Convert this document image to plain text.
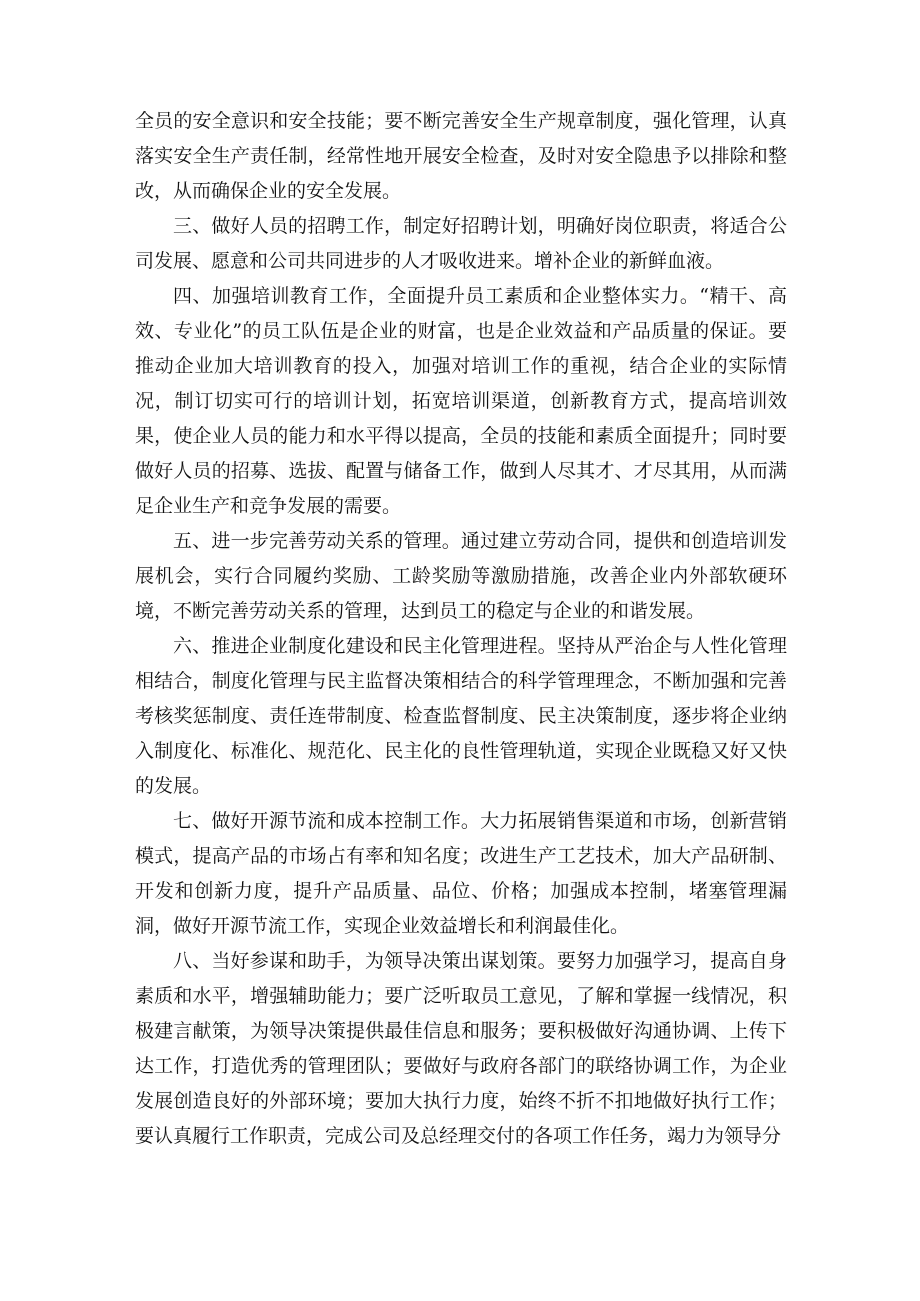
全员的安全意识和安全技能；要不断完善安全生产规章制度，强化管理，认真落实安全生产责任制，经常性地开展安全检查，及时对安全隐患予以排除和整改，从而确保企业的安全发展。

三、做好人员的招聘工作，制定好招聘计划，明确好岗位职责，将适合公司发展、愿意和公司共同进步的人才吸收进来。增补企业的新鲜血液。

四、加强培训教育工作，全面提升员工素质和企业整体实力。“精干、高效、专业化”的员工队伍是企业的财富，也是企业效益和产品质量的保证。要推动企业加大培训教育的投入，加强对培训工作的重视，结合企业的实际情况，制订切实可行的培训计划，拓宽培训渠道，创新教育方式，提高培训效果，使企业人员的能力和水平得以提高，全员的技能和素质全面提升；同时要做好人员的招募、选拔、配置与储备工作，做到人尽其才、才尽其用，从而满足企业生产和竞争发展的需要。

五、进一步完善劳动关系的管理。通过建立劳动合同，提供和创造培训发展机会，实行合同履约奖励、工龄奖励等激励措施，改善企业内外部软硬环境，不断完善劳动关系的管理，达到员工的稳定与企业的和谐发展。

六、推进企业制度化建设和民主化管理进程。坚持从严治企与人性化管理相结合，制度化管理与民主监督决策相结合的科学管理理念，不断加强和完善考核奖惩制度、责任连带制度、检查监督制度、民主决策制度，逐步将企业纳入制度化、标准化、规范化、民主化的良性管理轨道，实现企业既稳又好又快的发展。

七、做好开源节流和成本控制工作。大力拓展销售渠道和市场，创新营销模式，提高产品的市场占有率和知名度；改进生产工艺技术，加大产品研制、开发和创新力度，提升产品质量、品位、价格；加强成本控制，堵塞管理漏洞，做好开源节流工作，实现企业效益增长和利润最佳化。

八、当好参谋和助手，为领导决策出谋划策。要努力加强学习，提高自身素质和水平，增强辅助能力；要广泛听取员工意见，了解和掌握一线情况，积极建言献策，为领导决策提供最佳信息和服务；要积极做好沟通协调、上传下达工作，打造优秀的管理团队；要做好与政府各部门的联络协调工作，为企业发展创造良好的外部环境；要加大执行力度，始终不折不扣地做好执行工作；要认真履行工作职责，完成公司及总经理交付的各项工作任务，竭力为领导分
